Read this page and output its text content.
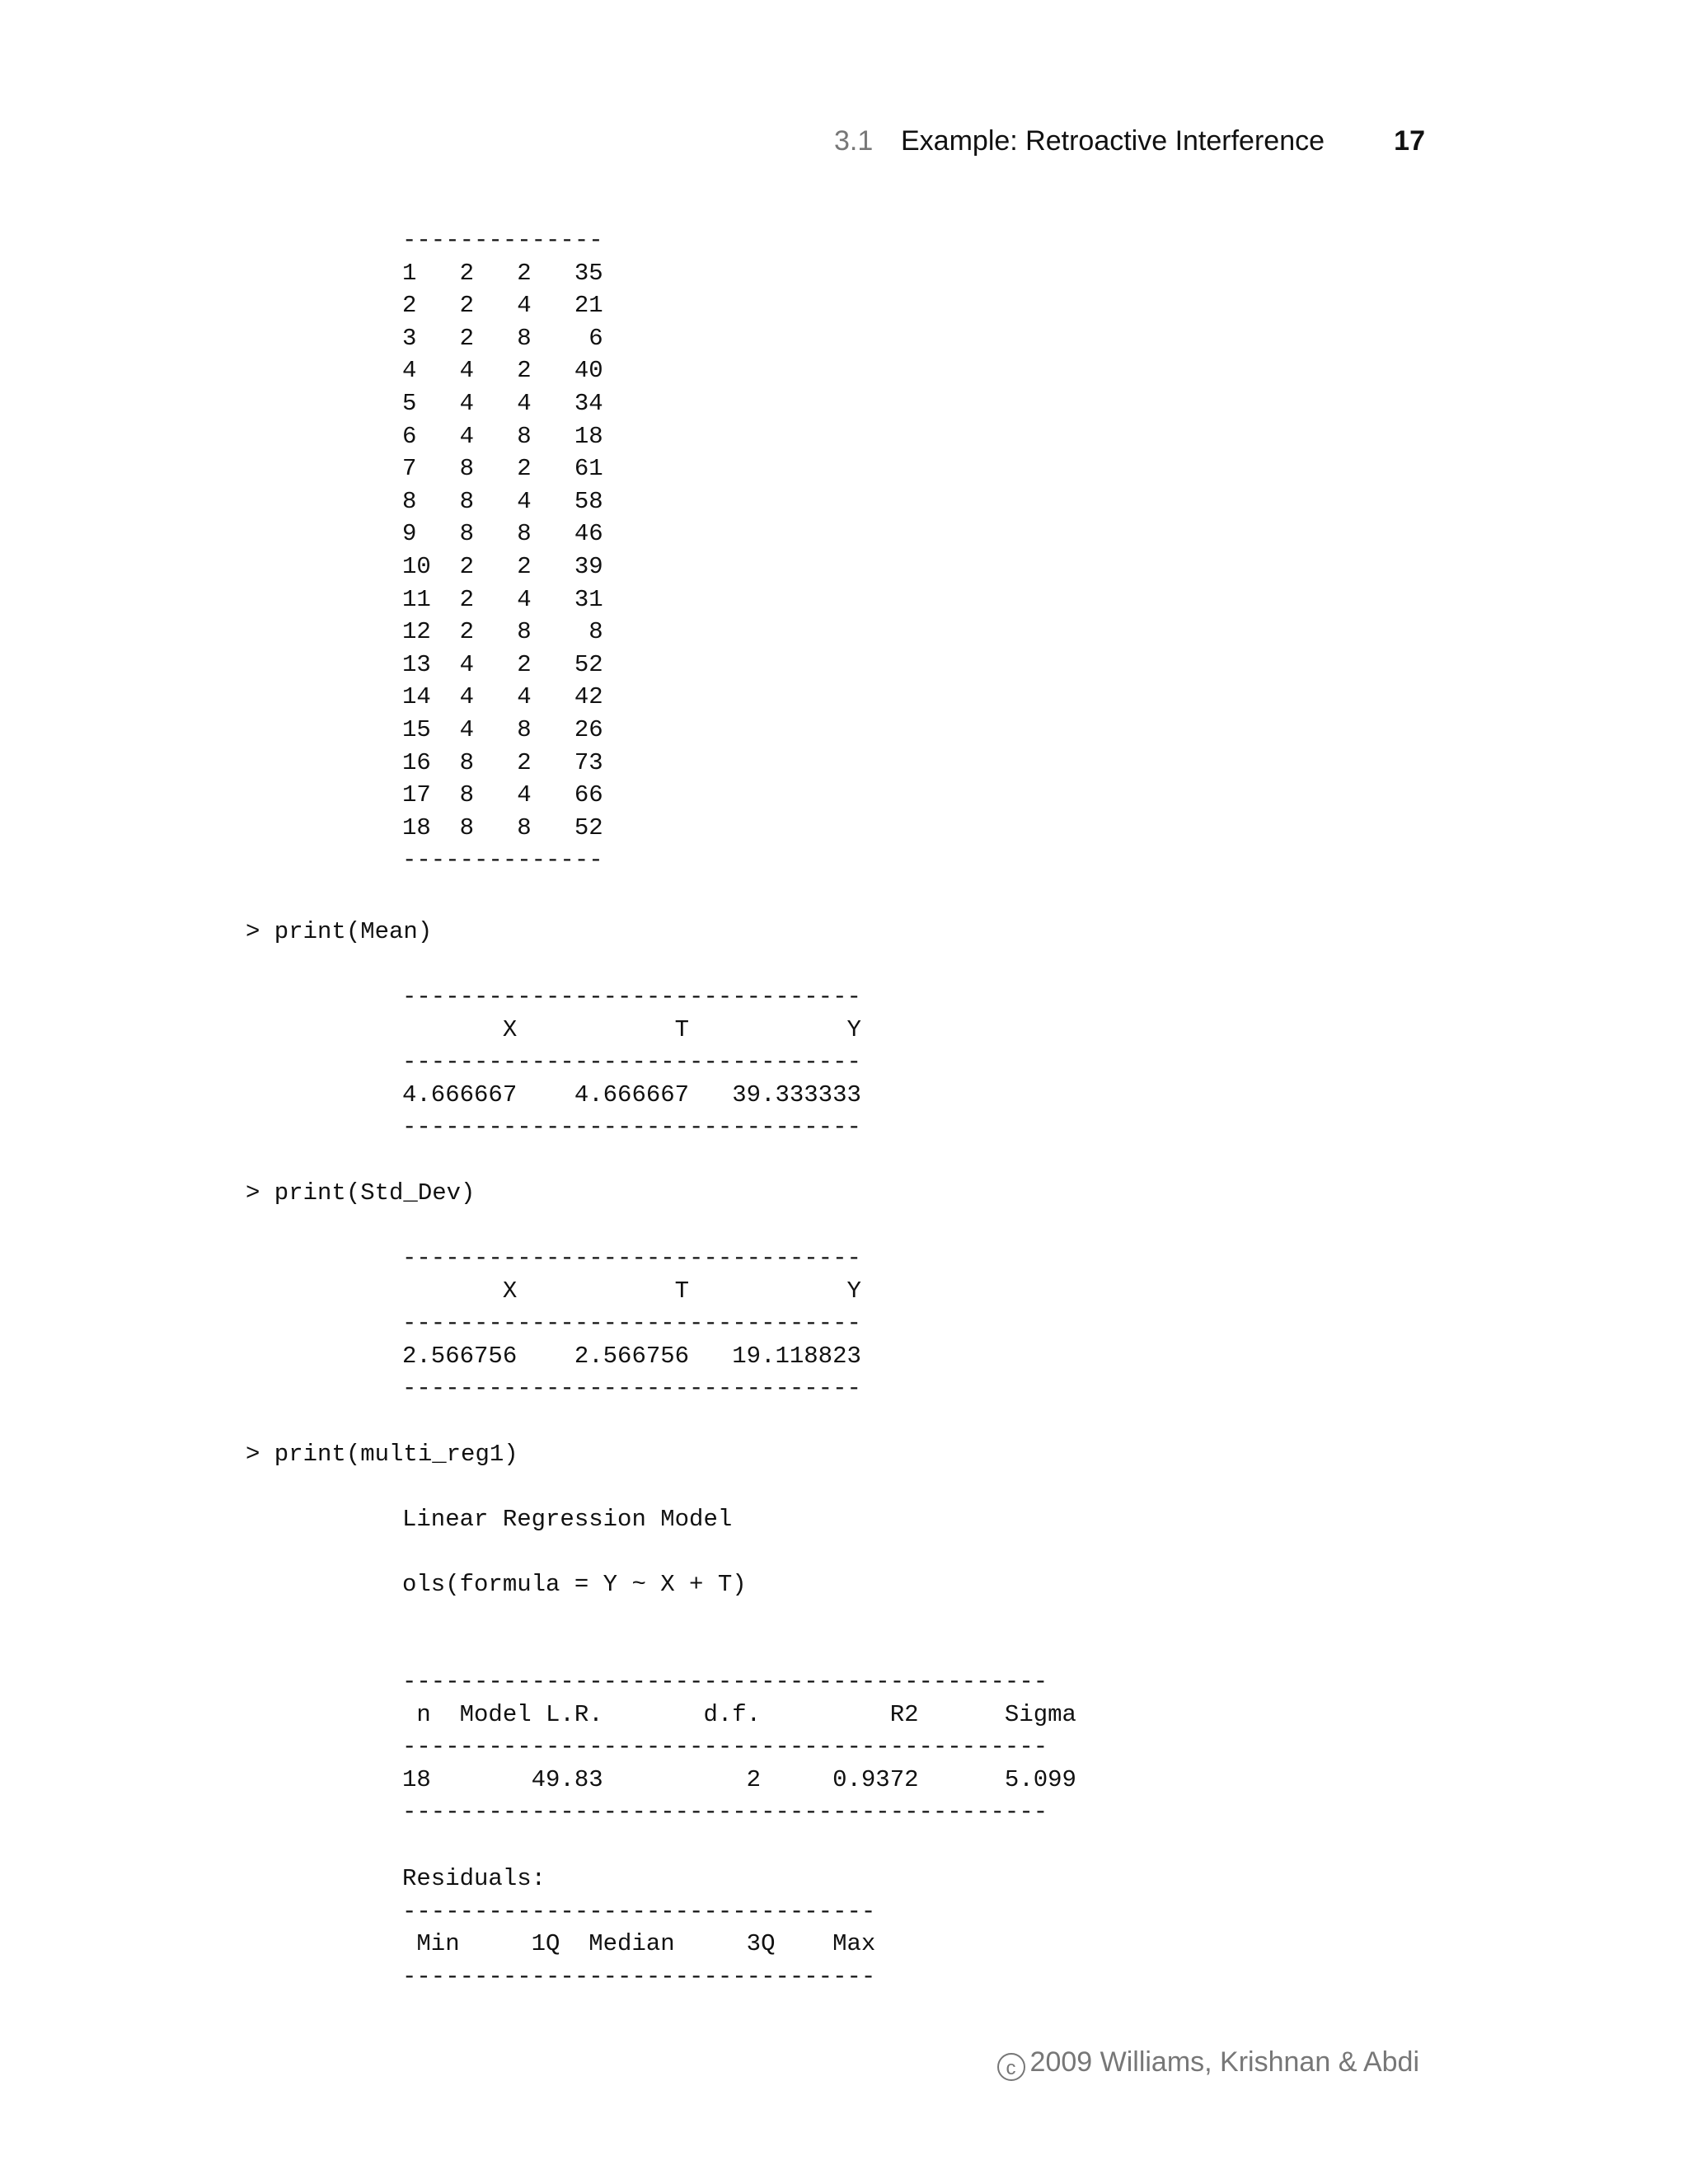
3.1 Example: Retroactive Interference 17
--------------
1   2   2   35
2   2   4   21
3   2   8    6
4   4   2   40
5   4   4   34
6   4   8   18
7   8   2   61
8   8   4   58
9   8   8   46
10  2   2   39
11  2   4   31
12  2   8    8
13  4   2   52
14  4   4   42
15  4   8   26
16  8   2   73
17  8   4   66
18  8   8   52
--------------
> print(Mean)
--------------------------------
X           T           Y
--------------------------------
4.666667    4.666667   39.333333
--------------------------------
> print(Std_Dev)
--------------------------------
X           T           Y
--------------------------------
2.566756    2.566756   19.118823
--------------------------------
> print(multi_reg1)
Linear Regression Model
ols(formula = Y ~ X + T)
---------------------------------------------
n  Model L.R.       d.f.         R2      Sigma
---------------------------------------------
18       49.83          2     0.9372      5.099
---------------------------------------------
Residuals:
---------------------------------
Min     1Q  Median     3Q    Max
---------------------------------
c 2009 Williams, Krishnan & Abdi
